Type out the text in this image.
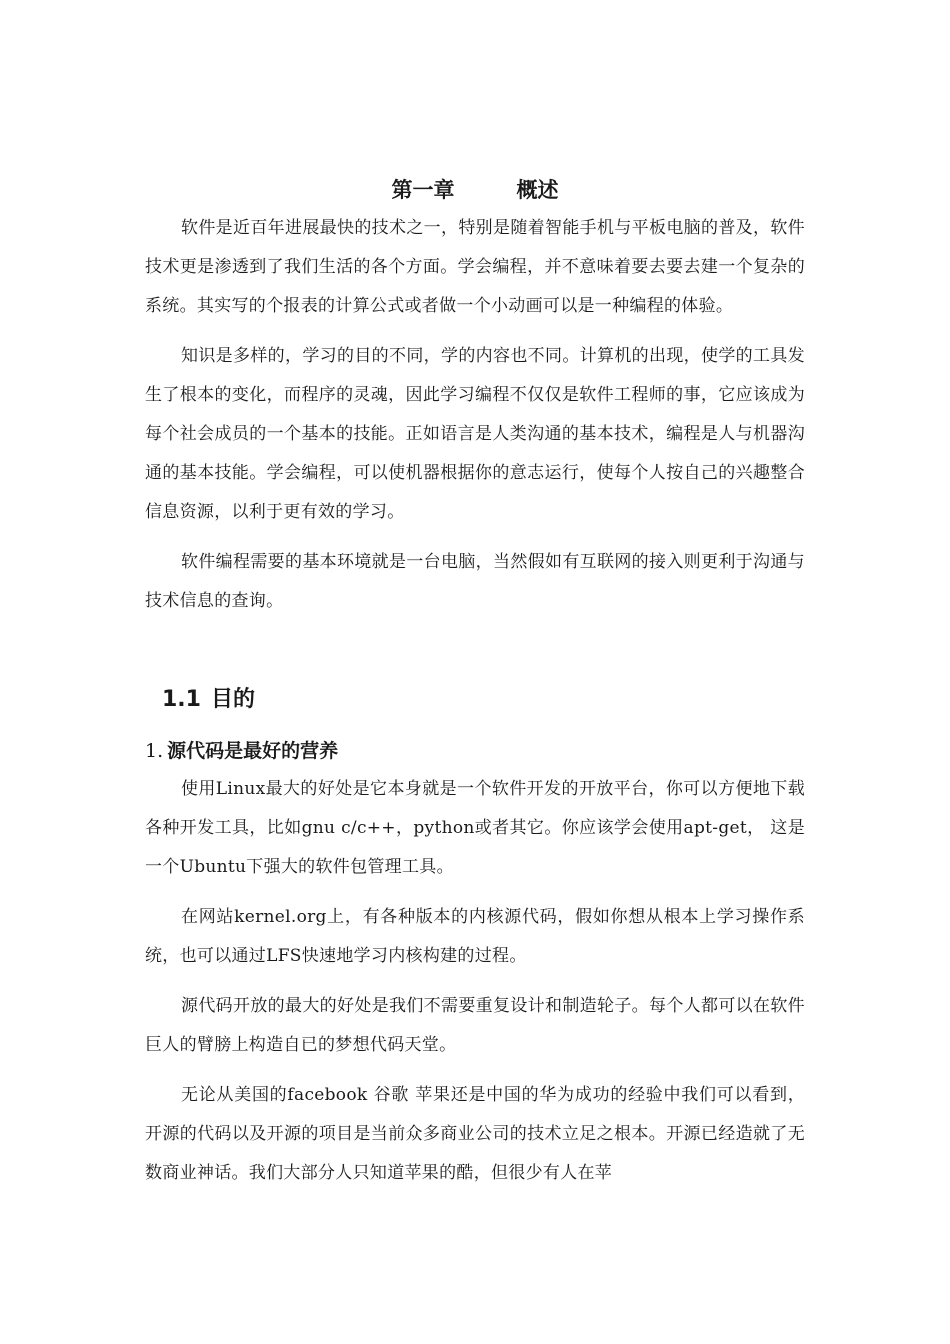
第一章	概述

软件是近百年进展最快的技术之一，特别是随着智能手机与平板电脑的普及，软件技术更是渗透到了我们生活的各个方面。学会编程，并不意味着要去要去建一个复杂的系统。其实写的个报表的计算公式或者做一个小动画可以是一种编程的体验。

知识是多样的，学习的目的不同，学的内容也不同。计算机的出现，使学的工具发生了根本的变化，而程序的灵魂，因此学习编程不仅仅是软件工程师的事，它应该成为每个社会成员的一个基本的技能。正如语言是人类沟通的基本技术，编程是人与机器沟通的基本技能。学会编程，可以使机器根据你的意志运行，使每个人按自己的兴趣整合信息资源，以利于更有效的学习。

软件编程需要的基本环境就是一台电脑，当然假如有互联网的接入则更利于沟通与技术信息的查询。

1.1 目的
1. 源代码是最好的营养

使用Linux最大的好处是它本身就是一个软件开发的开放平台，你可以方便地下载各种开发工具，比如gnu c/c++，python或者其它。你应该学会使用apt-get， 这是一个Ubuntu下强大的软件包管理工具。

在网站kernel.org上，有各种版本的内核源代码，假如你想从根本上学习操作系统，也可以通过LFS快速地学习内核构建的过程。

源代码开放的最大的好处是我们不需要重复设计和制造轮子。每个人都可以在软件巨人的臂膀上构造自已的梦想代码天堂。

无论从美国的facebook 谷歌 苹果还是中国的华为成功的经验中我们可以看到，开源的代码以及开源的项目是当前众多商业公司的技术立足之根本。开源已经造就了无数商业神话。我们大部分人只知道苹果的酷，但很少有人在苹
